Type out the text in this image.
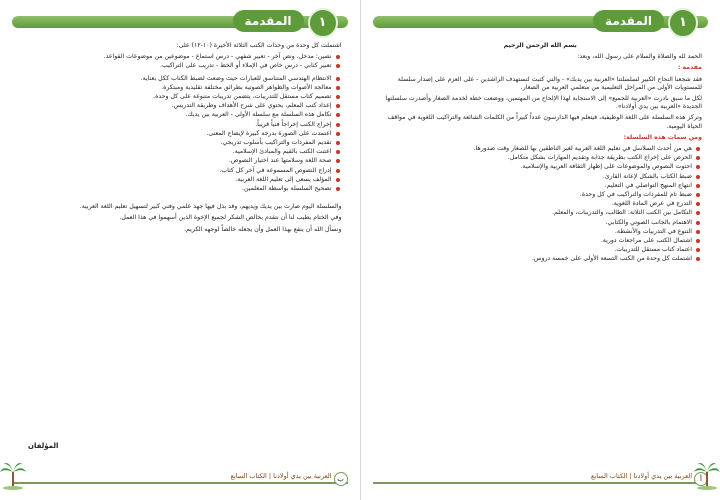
المقدمة	١

اشتملت كل وحدة من وحدات الكتب الثلاثة الأخيرة (١٠-١٢) على:

نصين: مدخل، ونص آخر - تعبير شفهي - درس استماع - موضوعين من موضوعات القواعد.
تعبير كتابي - درس خاص في الإملاء أو الخط - تدريب على التراكيب.
الانتظام الهندسي المتناسق للعبارات حيث وضعت لضبط الكتاب ككل بعناية.
معالجة الأصوات والظواهر الصوتية بطرائق مختلفة تقليدية ومبتكرة.
تصميم كتاب مستقل للتدريبات، يتضمن تدريبات متنوعة على كل وحدة.
إعداد كتب المعلم، يحتوي على شرح الأهداف وطريقة التدريس.
تكامل هذه السلسلة مع سلسلة الأولى - العربية بين يديك.
إخراج الكتب إخراجاً فنياً قريباً.
اعتمدت على الصورة بدرجة كبيرة لإيضاح المعنى.
تقديم المفردات والتراكيب بأسلوب تدريجي.
اعتنت الكتب بالقيم والمبادئ الإسلامية.
صحة اللغة وسلامتها عند اختيار النصوص.
إدراج النصوص المسموعة في آخر كل كتاب.
المؤلف يسعى إلى تعليم اللغة العربية.
تصحيح السلسلة بواسطة المعلمين.

والسلسلة اليوم صارت بين يديك ويديهم، وقد بذل فيها جهد علمي وفني كبير لتسهيل تعليم اللغة العربية.

وفي الختام يطيب لنا أن نتقدم بخالص الشكر لجميع الإخوة الذين أسهموا في هذا العمل.

ونسأل الله أن ينفع بهذا العمل وأن يجعله خالصاً لوجهه الكريم.

المؤلفان
العربية بين يدي أولادنا | الكتاب السابع	ب
المقدمة	١

بسم الله الرحمن الرحيم

الحمد لله والصلاة والسلام على رسول الله، وبعد:

مقدمة :

فقد شجعنا النجاح الكبير لسلسلتنا «العربية بين يديك» - والتي كتبت لتستهدف الراشدين - على العزم على إصدار سلسلة للمستويات الأولى من المراحل التعليمية من متعلمي العربية من الصغار.

لكل ما سبق بادرت «العربية للجميع» إلى الاستجابة لهذا الإلحاح من المهتمين، ووضعت خطة لخدمة الصغار وأصدرت سلسلتها الجديدة «العربية بين يدي أولادنا».

وتركز هذه السلسلة على اللغة الوظيفية، فيتعلم فيها الدارسون عدداً كبيراً من الكلمات الشائعة والتراكيب اللغوية في مواقف الحياة اليومية.

ومن سمات هذه السلسلة:

هي من أحدث السلاسل في تعليم اللغة العربية لغير الناطقين بها للصغار وقت صدورها.
الحرص على إخراج الكتب بطريقة جذابة وتقديم المهارات بشكل متكامل.
احتوت النصوص والموضوعات على إظهار الثقافة العربية والإسلامية.
ضبط الكتاب بالشكل لإعانة القارئ.
انتهاج المنهج التواصلي في التعليم.
ضبط تام للمفردات والتراكيب في كل وحدة.
التدرج في عرض المادة اللغوية.
التكامل بين الكتب الثلاثة: الطالب، والتدريبات، والمعلم.
الاهتمام بالجانب الصوتي والكتابي.
التنوع في التدريبات والأنشطة.
اشتمال الكتب على مراجعات دورية.
اعتماد كتاب مستقل للتدريبات.
اشتملت كل وحدة من الكتب التسعة الأولى على خمسة دروس.
العربية بين يدي أولادنا | الكتاب السابع	أ
